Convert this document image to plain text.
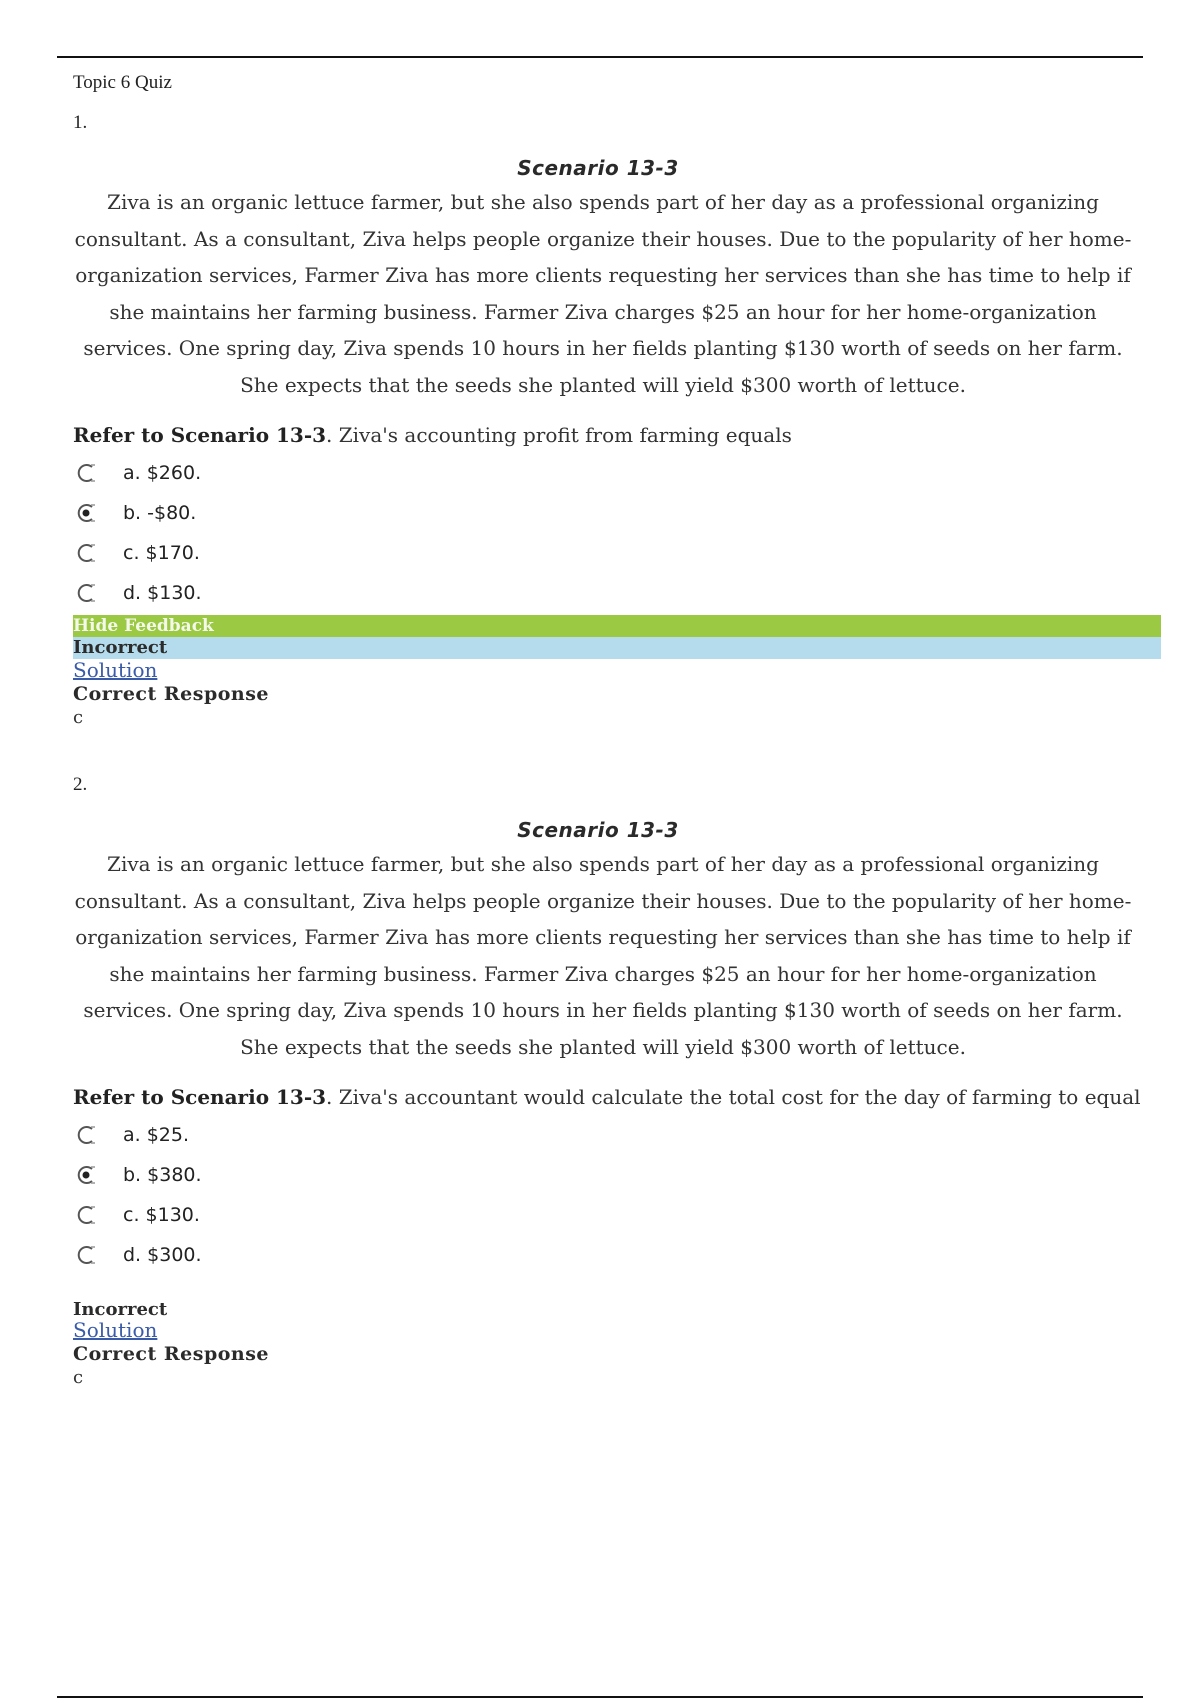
Topic 6 Quiz
1.
Scenario 13-3
Ziva is an organic lettuce farmer, but she also spends part of her day as a professional organizing
consultant. As a consultant, Ziva helps people organize their houses. Due to the popularity of her home-
organization services, Farmer Ziva has more clients requesting her services than she has time to help if
she maintains her farming business. Farmer Ziva charges $25 an hour for her home-organization
services. One spring day, Ziva spends 10 hours in her fields planting $130 worth of seeds on her farm.
She expects that the seeds she planted will yield $300 worth of lettuce.
Refer to Scenario 13-3. Ziva's accounting profit from farming equals
a. $260.
b. -$80.
c. $170.
d. $130.
Hide Feedback
Incorrect
Solution
Correct Response
c
2.
Scenario 13-3
Ziva is an organic lettuce farmer, but she also spends part of her day as a professional organizing
consultant. As a consultant, Ziva helps people organize their houses. Due to the popularity of her home-
organization services, Farmer Ziva has more clients requesting her services than she has time to help if
she maintains her farming business. Farmer Ziva charges $25 an hour for her home-organization
services. One spring day, Ziva spends 10 hours in her fields planting $130 worth of seeds on her farm.
She expects that the seeds she planted will yield $300 worth of lettuce.
Refer to Scenario 13-3. Ziva's accountant would calculate the total cost for the day of farming to equal
a. $25.
b. $380.
c. $130.
d. $300.
Incorrect
Solution
Correct Response
c
